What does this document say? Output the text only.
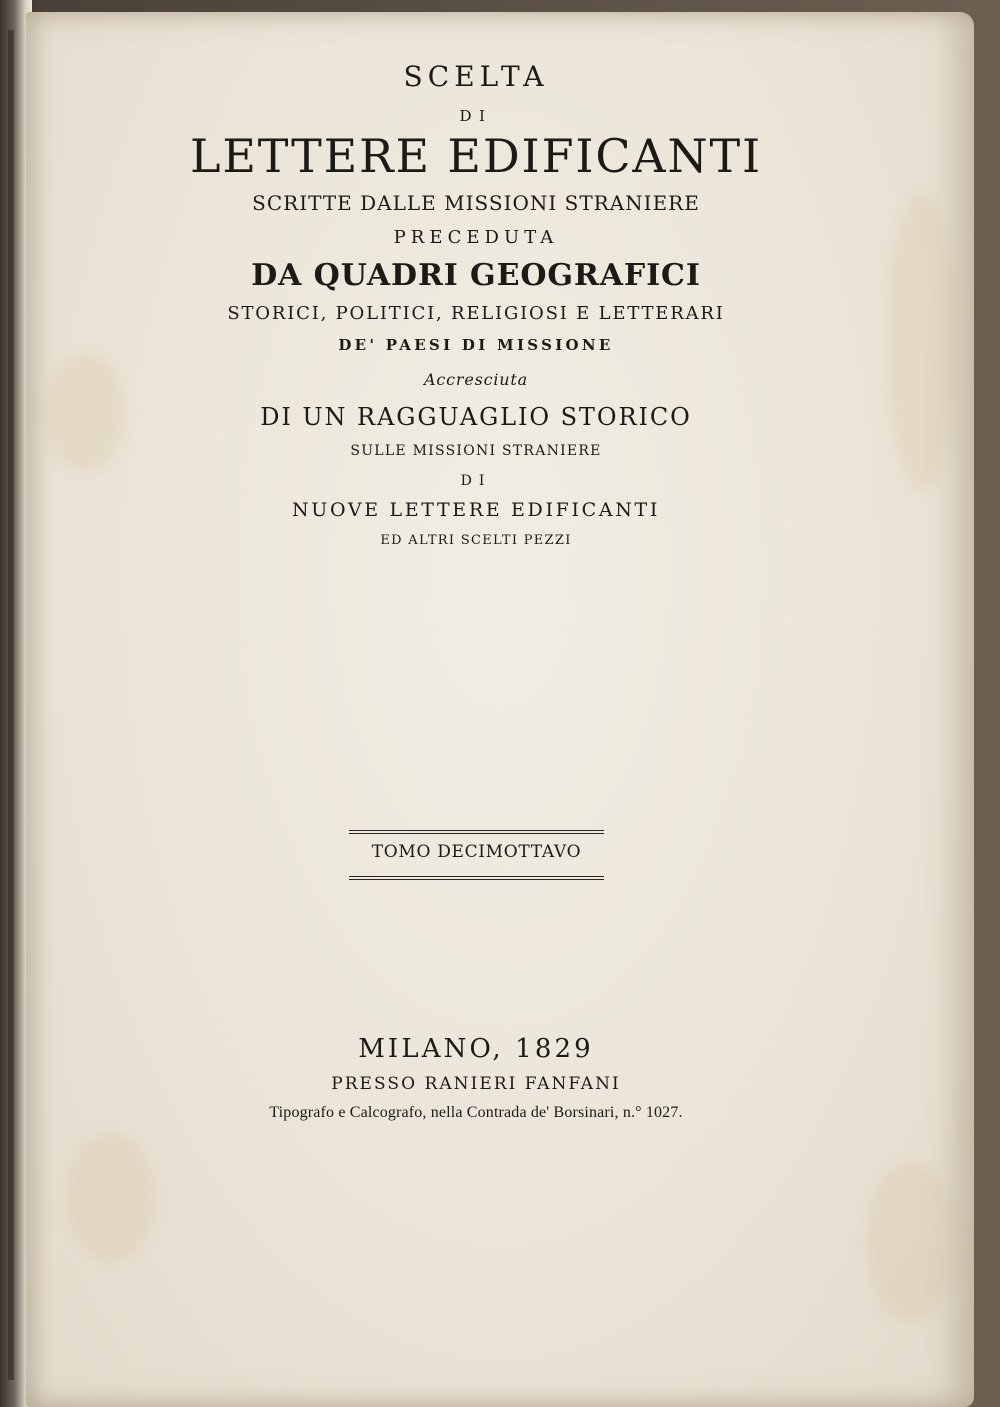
SCELTA
DI
LETTERE EDIFICANTI
SCRITTE DALLE MISSIONI STRANIERE
PRECEDUTA
DA QUADRI GEOGRAFICI
STORICI, POLITICI, RELIGIOSI E LETTERARI
DE' PAESI DI MISSIONE
Accresciuta
DI UN RAGGUAGLIO STORICO
SULLE MISSIONI STRANIERE
DI
NUOVE LETTERE EDIFICANTI
ED ALTRI SCELTI PEZZI
TOMO DECIMOTTAVO
MILANO, 1829
PRESSO RANIERI FANFANI
Tipografo e Calcografo, nella Contrada de' Borsinari, n.° 1027.
